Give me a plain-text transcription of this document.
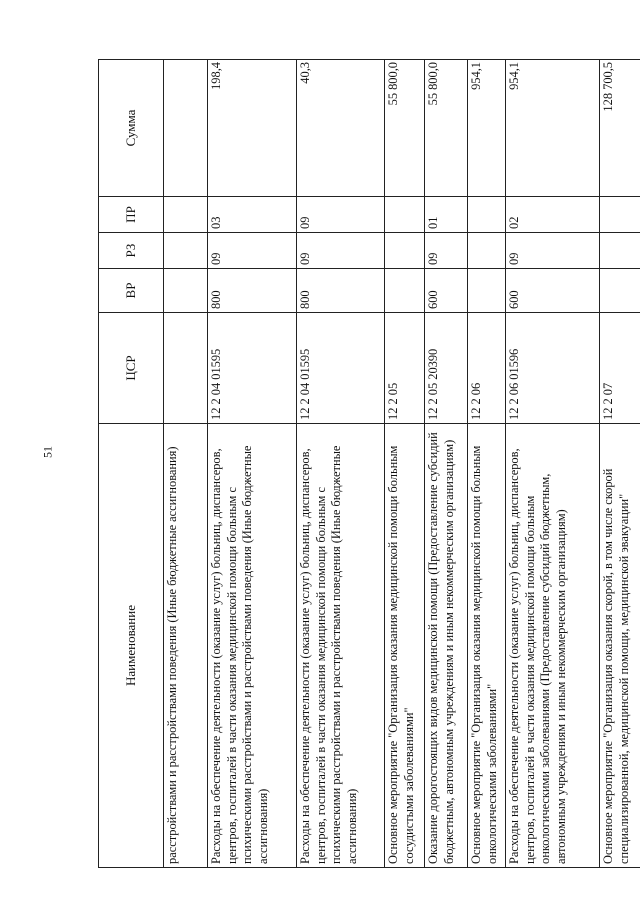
51
Наименование	ЦСР	ВР	РЗ	ПР	Сумма
расстройствами и расстройствами поведения (Иные бюджетные ассигнования)					
Расходы на обеспечение деятельности (оказание услуг) больниц, диспансеров, центров, госпиталей в части оказания медицинской помощи больным с психическими расстройствами и расстройствами поведения (Иные бюджетные ассигнования)	12 2 04 01595	800	09	03	198,4
Расходы на обеспечение деятельности (оказание услуг) больниц, диспансеров, центров, госпиталей в части оказания медицинской помощи больным с психическими расстройствами и расстройствами поведения (Иные бюджетные ассигнования)	12 2 04 01595	800	09	09	40,3
Основное мероприятие "Организация оказания медицинской помощи больным сосудистыми заболеваниями"	12 2 05				55 800,0
Оказание дорогостоящих видов медицинской помощи (Предоставление субсидий бюджетным, автономным учреждениям и иным некоммерческим организациям)	12 2 05 20390	600	09	01	55 800,0
Основное мероприятие "Организация оказания медицинской помощи больным онкологическими заболеваниями"	12 2 06				954,1
Расходы на обеспечение деятельности (оказание услуг) больниц, диспансеров, центров, госпиталей в части оказания медицинской помощи больным онкологическими заболеваниями (Предоставление субсидий бюджетным, автономным учреждениям и иным некоммерческим организациям)	12 2 06 01596	600	09	02	954,1
Основное мероприятие "Организация оказания скорой, в том числе скорой специализированной, медицинской помощи, медицинской эвакуации"	12 2 07				128 700,5
